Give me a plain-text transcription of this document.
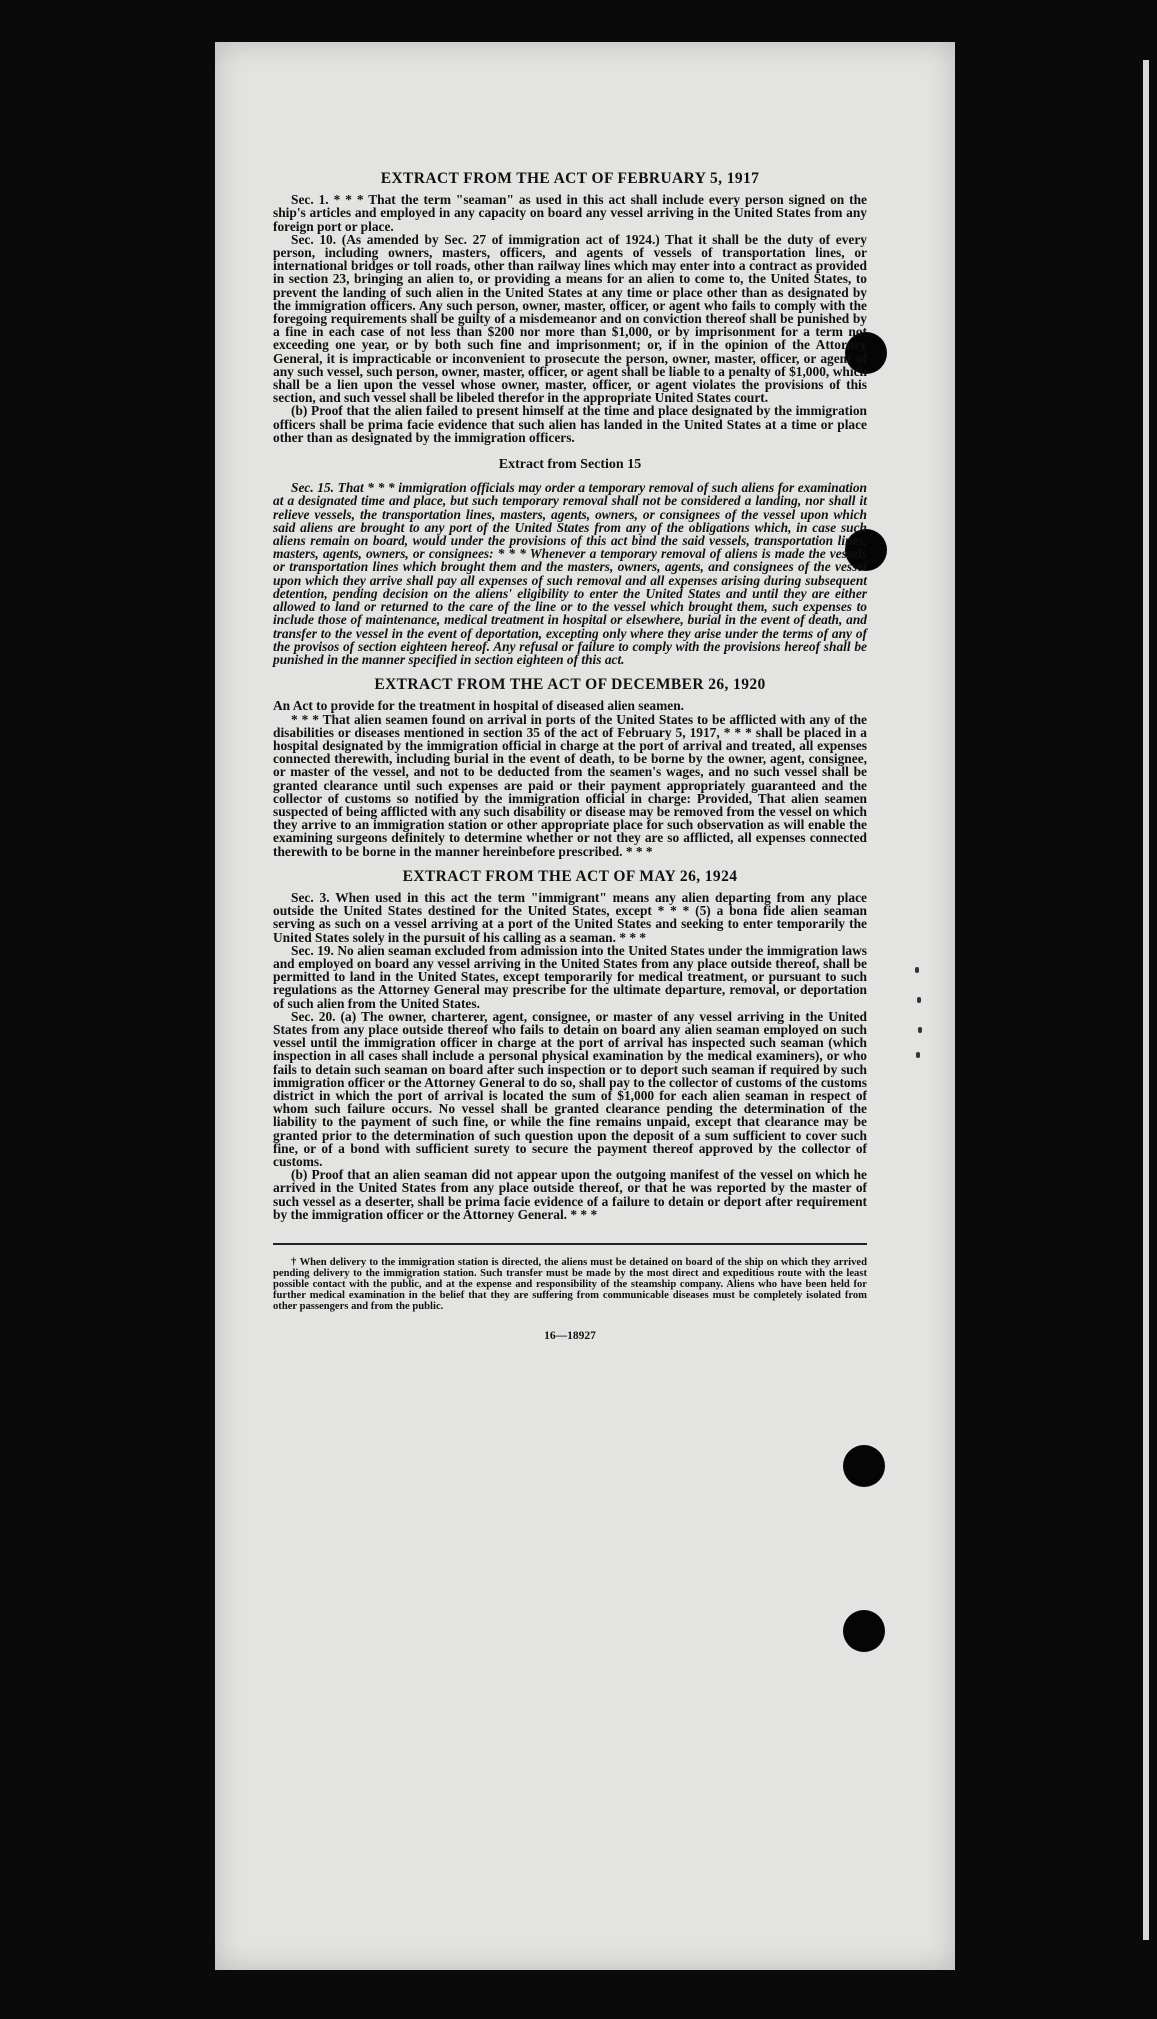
EXTRACT FROM THE ACT OF FEBRUARY 5, 1917

Sec. 1. * * * That the term "seaman" as used in this act shall include every person signed on the ship's articles and employed in any capacity on board any vessel arriving in the United States from any foreign port or place.

Sec. 10. (As amended by Sec. 27 of immigration act of 1924.) That it shall be the duty of every person, including owners, masters, officers, and agents of vessels of transportation lines, or international bridges or toll roads, other than railway lines which may enter into a contract as provided in section 23, bringing an alien to, or providing a means for an alien to come to, the United States, to prevent the landing of such alien in the United States at any time or place other than as designated by the immigration officers. Any such person, owner, master, officer, or agent who fails to comply with the foregoing requirements shall be guilty of a misdemeanor and on conviction thereof shall be punished by a fine in each case of not less than $200 nor more than $1,000, or by imprisonment for a term not exceeding one year, or by both such fine and imprisonment; or, if in the opinion of the Attorney General, it is impracticable or inconvenient to prosecute the person, owner, master, officer, or agent of any such vessel, such person, owner, master, officer, or agent shall be liable to a penalty of $1,000, which shall be a lien upon the vessel whose owner, master, officer, or agent violates the provisions of this section, and such vessel shall be libeled therefor in the appropriate United States court.

(b) Proof that the alien failed to present himself at the time and place designated by the immigration officers shall be prima facie evidence that such alien has landed in the United States at a time or place other than as designated by the immigration officers.

Extract from Section 15

Sec. 15. That * * * immigration officials may order a temporary removal of such aliens for examination at a designated time and place, but such temporary removal shall not be considered a landing, nor shall it relieve vessels, the transportation lines, masters, agents, owners, or consignees of the vessel upon which said aliens are brought to any port of the United States from any of the obligations which, in case such aliens remain on board, would under the provisions of this act bind the said vessels, transportation lines, masters, agents, owners, or consignees: * * * Whenever a temporary removal of aliens is made the vessels or transportation lines which brought them and the masters, owners, agents, and consignees of the vessel upon which they arrive shall pay all expenses of such removal and all expenses arising during subsequent detention, pending decision on the aliens' eligibility to enter the United States and until they are either allowed to land or returned to the care of the line or to the vessel which brought them, such expenses to include those of maintenance, medical treatment in hospital or elsewhere, burial in the event of death, and transfer to the vessel in the event of deportation, excepting only where they arise under the terms of any of the provisos of section eighteen hereof. Any refusal or failure to comply with the provisions hereof shall be punished in the manner specified in section eighteen of this act.

EXTRACT FROM THE ACT OF DECEMBER 26, 1920

An Act to provide for the treatment in hospital of diseased alien seamen.

* * * That alien seamen found on arrival in ports of the United States to be afflicted with any of the disabilities or diseases mentioned in section 35 of the act of February 5, 1917, * * * shall be placed in a hospital designated by the immigration official in charge at the port of arrival and treated, all expenses connected therewith, including burial in the event of death, to be borne by the owner, agent, consignee, or master of the vessel, and not to be deducted from the seamen's wages, and no such vessel shall be granted clearance until such expenses are paid or their payment appropriately guaranteed and the collector of customs so notified by the immigration official in charge: Provided, That alien seamen suspected of being afflicted with any such disability or disease may be removed from the vessel on which they arrive to an immigration station or other appropriate place for such observation as will enable the examining surgeons definitely to determine whether or not they are so afflicted, all expenses connected therewith to be borne in the manner hereinbefore prescribed. * * *

EXTRACT FROM THE ACT OF MAY 26, 1924

Sec. 3. When used in this act the term "immigrant" means any alien departing from any place outside the United States destined for the United States, except * * * (5) a bona fide alien seaman serving as such on a vessel arriving at a port of the United States and seeking to enter temporarily the United States solely in the pursuit of his calling as a seaman. * * *

Sec. 19. No alien seaman excluded from admission into the United States under the immigration laws and employed on board any vessel arriving in the United States from any place outside thereof, shall be permitted to land in the United States, except temporarily for medical treatment, or pursuant to such regulations as the Attorney General may prescribe for the ultimate departure, removal, or deportation of such alien from the United States.

Sec. 20. (a) The owner, charterer, agent, consignee, or master of any vessel arriving in the United States from any place outside thereof who fails to detain on board any alien seaman employed on such vessel until the immigration officer in charge at the port of arrival has inspected such seaman (which inspection in all cases shall include a personal physical examination by the medical examiners), or who fails to detain such seaman on board after such inspection or to deport such seaman if required by such immigration officer or the Attorney General to do so, shall pay to the collector of customs of the customs district in which the port of arrival is located the sum of $1,000 for each alien seaman in respect of whom such failure occurs. No vessel shall be granted clearance pending the determination of the liability to the payment of such fine, or while the fine remains unpaid, except that clearance may be granted prior to the determination of such question upon the deposit of a sum sufficient to cover such fine, or of a bond with sufficient surety to secure the payment thereof approved by the collector of customs.

(b) Proof that an alien seaman did not appear upon the outgoing manifest of the vessel on which he arrived in the United States from any place outside thereof, or that he was reported by the master of such vessel as a deserter, shall be prima facie evidence of a failure to detain or deport after requirement by the immigration officer or the Attorney General. * * *

† When delivery to the immigration station is directed, the aliens must be detained on board of the ship on which they arrived pending delivery to the immigration station. Such transfer must be made by the most direct and expeditious route with the least possible contact with the public, and at the expense and responsibility of the steamship company. Aliens who have been held for further medical examination in the belief that they are suffering from communicable diseases must be completely isolated from other passengers and from the public.

16—18927
